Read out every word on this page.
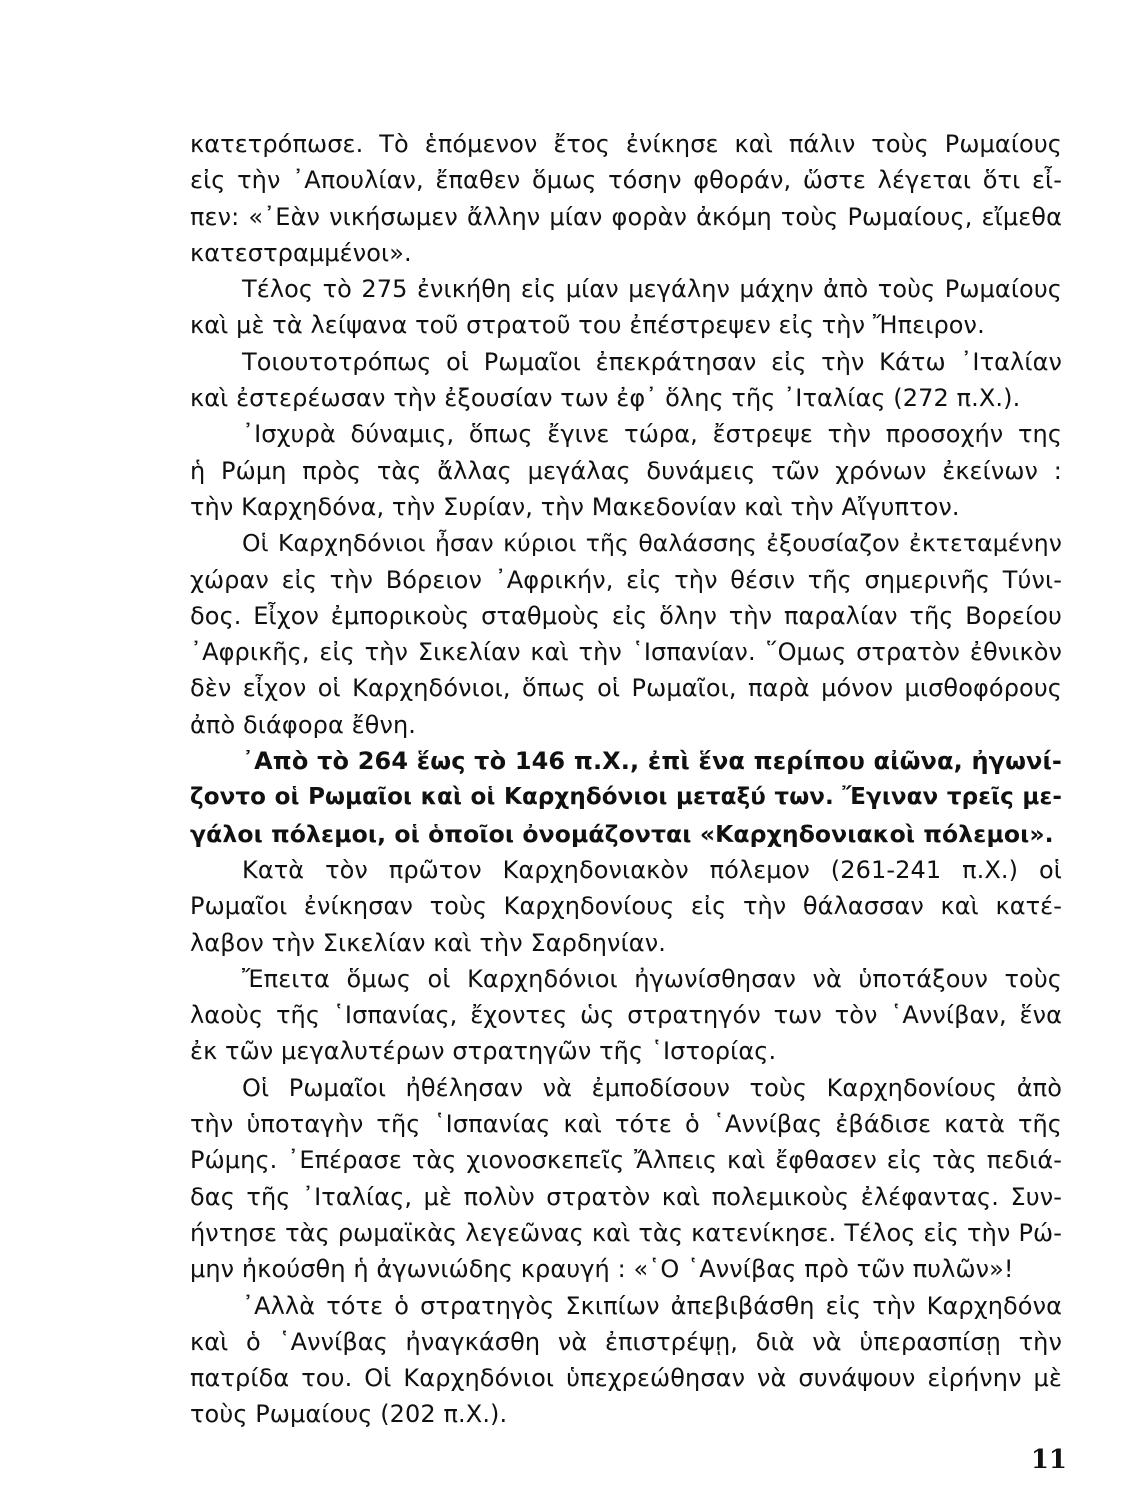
κατετρόπωσε. Τὸ ἑπόμενον ἔτος ἐνίκησε καὶ πάλιν τοὺς Ρωμαίους
εἰς τὴν ᾿Απουλίαν, ἔπαθεν ὅμως τόσην φθοράν, ὥστε λέγεται ὅτι εἶ-
πεν: «᾿Εὰν νικήσωμεν ἄλλην μίαν φορὰν ἀκόμη τοὺς Ρωμαίους, εἴμεθα
κατεστραμμένοι».
Τέλος τὸ 275 ἐνικήθη εἰς μίαν μεγάλην μάχην ἀπὸ τοὺς Ρωμαίους
καὶ μὲ τὰ λείψανα τοῦ στρατοῦ του ἐπέστρεψεν εἰς τὴν Ἤπειρον.
Τοιουτοτρόπως οἱ Ρωμαῖοι ἐπεκράτησαν εἰς τὴν Κάτω ᾿Ιταλίαν
καὶ ἐστερέωσαν τὴν ἐξουσίαν των ἐφ᾿ ὅλης τῆς ᾿Ιταλίας (272 π.Χ.).
᾿Ισχυρὰ δύναμις, ὅπως ἔγινε τώρα, ἔστρεψε τὴν προσοχήν της
ἡ Ρώμη πρὸς τὰς ἄλλας μεγάλας δυνάμεις τῶν χρόνων ἐκείνων :
τὴν Καρχηδόνα, τὴν Συρίαν, τὴν Μακεδονίαν καὶ τὴν Αἴγυπτον.
Οἱ Καρχηδόνιοι ἦσαν κύριοι τῆς θαλάσσης ἐξουσίαζον ἐκτεταμένην
χώραν εἰς τὴν Βόρειον ᾿Αφρικήν, εἰς τὴν θέσιν τῆς σημερινῆς Τύνι-
δος. Εἶχον ἐμπορικοὺς σταθμοὺς εἰς ὅλην τὴν παραλίαν τῆς Βορείου
᾿Αφρικῆς, εἰς τὴν Σικελίαν καὶ τὴν ῾Ισπανίαν. ῞Ομως στρατὸν ἐθνικὸν
δὲν εἶχον οἱ Καρχηδόνιοι, ὅπως οἱ Ρωμαῖοι, παρὰ μόνον μισθοφόρους
ἀπὸ διάφορα ἔθνη.
᾿Απὸ τὸ 264 ἕως τὸ 146 π.Χ., ἐπὶ ἕνα περίπου αἰῶνα, ἠγωνί-
ζοντο οἱ Ρωμαῖοι καὶ οἱ Καρχηδόνιοι μεταξύ των. Ἔγιναν τρεῖς με-
γάλοι πόλεμοι, οἱ ὁποῖοι ὀνομάζονται «Καρχηδονιακοὶ πόλεμοι».
Κατὰ τὸν πρῶτον Καρχηδονιακὸν πόλεμον (261-241 π.Χ.) οἱ
Ρωμαῖοι ἐνίκησαν τοὺς Καρχηδονίους εἰς τὴν θάλασσαν καὶ κατέ-
λαβον τὴν Σικελίαν καὶ τὴν Σαρδηνίαν.
Ἔπειτα ὅμως οἱ Καρχηδόνιοι ἠγωνίσθησαν νὰ ὑποτάξουν τοὺς
λαοὺς τῆς ῾Ισπανίας, ἔχοντες ὡς στρατηγόν των τὸν ῾Αννίβαν, ἕνα
ἐκ τῶν μεγαλυτέρων στρατηγῶν τῆς ῾Ιστορίας.
Οἱ Ρωμαῖοι ἠθέλησαν νὰ ἐμποδίσουν τοὺς Καρχηδονίους ἀπὸ
τὴν ὑποταγὴν τῆς ῾Ισπανίας καὶ τότε ὁ ῾Αννίβας ἐβάδισε κατὰ τῆς
Ρώμης. ᾿Επέρασε τὰς χιονοσκεπεῖς Ἄλπεις καὶ ἔφθασεν εἰς τὰς πεδιά-
δας τῆς ᾿Ιταλίας, μὲ πολὺν στρατὸν καὶ πολεμικοὺς ἐλέφαντας. Συν-
ήντησε τὰς ρωμαϊκὰς λεγεῶνας καὶ τὰς κατενίκησε. Τέλος εἰς τὴν Ρώ-
μην ἠκούσθη ἡ ἀγωνιώδης κραυγή : «῾Ο ῾Αννίβας πρὸ τῶν πυλῶν»!
᾿Αλλὰ τότε ὁ στρατηγὸς Σκιπίων ἀπεβιβάσθη εἰς τὴν Καρχηδόνα
καὶ ὁ ῾Αννίβας ἠναγκάσθη νὰ ἐπιστρέψῃ, διὰ νὰ ὑπερασπίσῃ τὴν
πατρίδα του. Οἱ Καρχηδόνιοι ὑπεχρεώθησαν νὰ συνάψουν εἰρήνην μὲ
τοὺς Ρωμαίους (202 π.Χ.).
11
